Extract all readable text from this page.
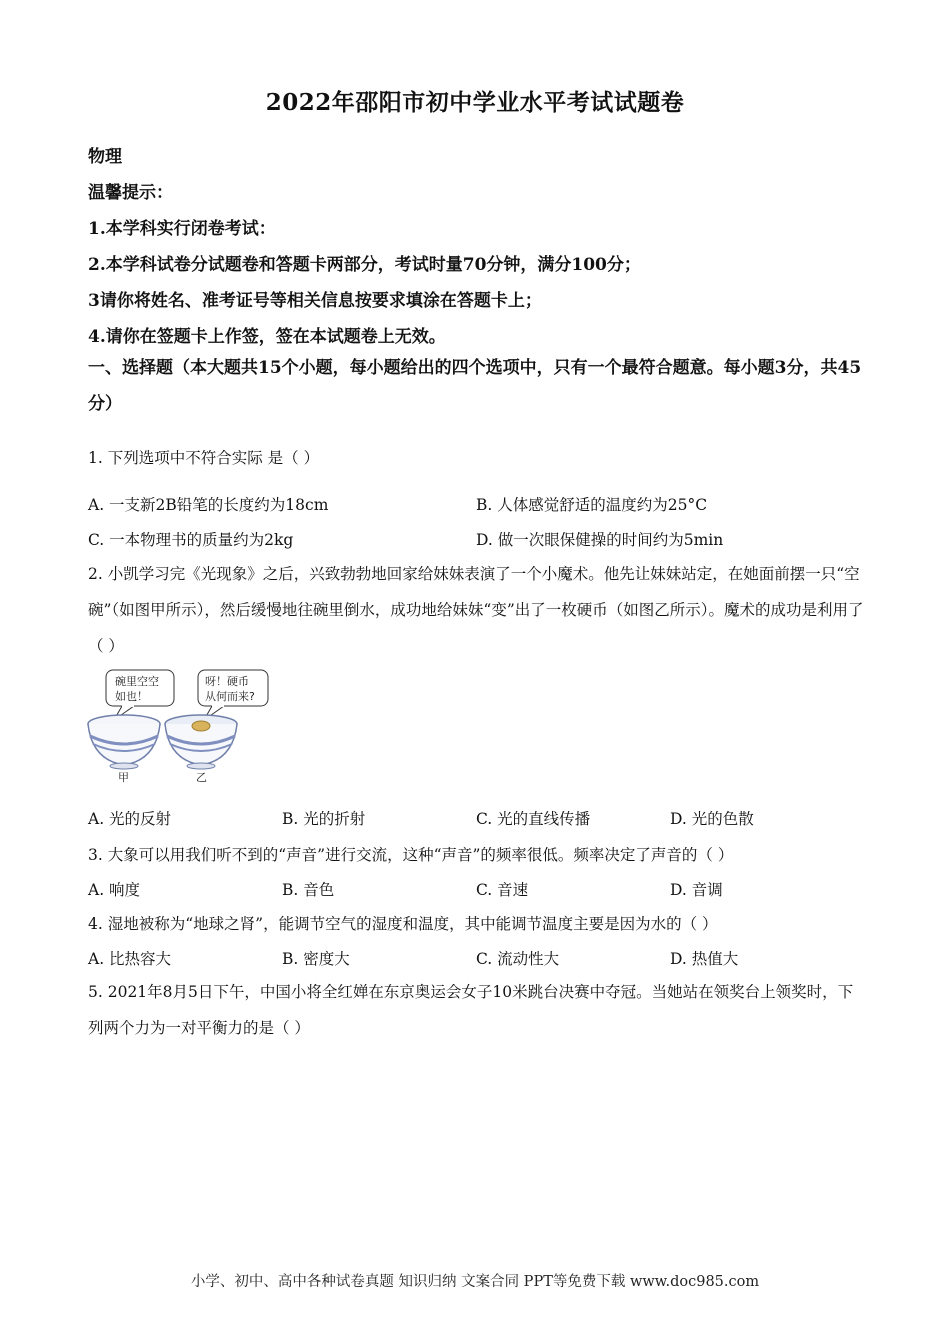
2022年邵阳市初中学业水平考试试题卷
物理
温馨提示：
1.本学科实行闭卷考试：
2.本学科试卷分试题卷和答题卡两部分，考试时量70分钟，满分100分；
3请你将姓名、准考证号等相关信息按要求填涂在答题卡上；
4.请你在签题卡上作签，签在本试题卷上无效。
一、选择题（本大题共15个小题，每小题给出的四个选项中，只有一个最符合题意。每小题3分，共45分）
1. 下列选项中不符合实际 是（ ）
A. 一支新2B铅笔的长度约为18cm	B. 人体感觉舒适的温度约为25°C
C. 一本物理书的质量约为2kg	D. 做一次眼保健操的时间约为5min
2. 小凯学习完《光现象》之后，兴致勃勃地回家给妹妹表演了一个小魔术。他先让妹妹站定，在她面前摆一只“空碗”（如图甲所示），然后缓慢地往碗里倒水，成功地给妹妹“变”出了一枚硬币（如图乙所示）。魔术的成功是利用了（ ）
碗里空空
如也！
呀！硬币
从何而来?
甲	乙
A. 光的反射	B. 光的折射	C. 光的直线传播	D. 光的色散
3. 大象可以用我们听不到的“声音”进行交流，这种“声音”的频率很低。频率决定了声音的（ ）
A. 响度	B. 音色	C. 音速	D. 音调
4. 湿地被称为“地球之肾”，能调节空气的湿度和温度，其中能调节温度主要是因为水的（ ）
A. 比热容大	B. 密度大	C. 流动性大	D. 热值大
5. 2021年8月5日下午，中国小将全红婵在东京奥运会女子10米跳台决赛中夺冠。当她站在领奖台上领奖时，下列两个力为一对平衡力的是（ ）
小学、初中、高中各种试卷真题 知识归纳 文案合同 PPT等免费下载 www.doc985.com
